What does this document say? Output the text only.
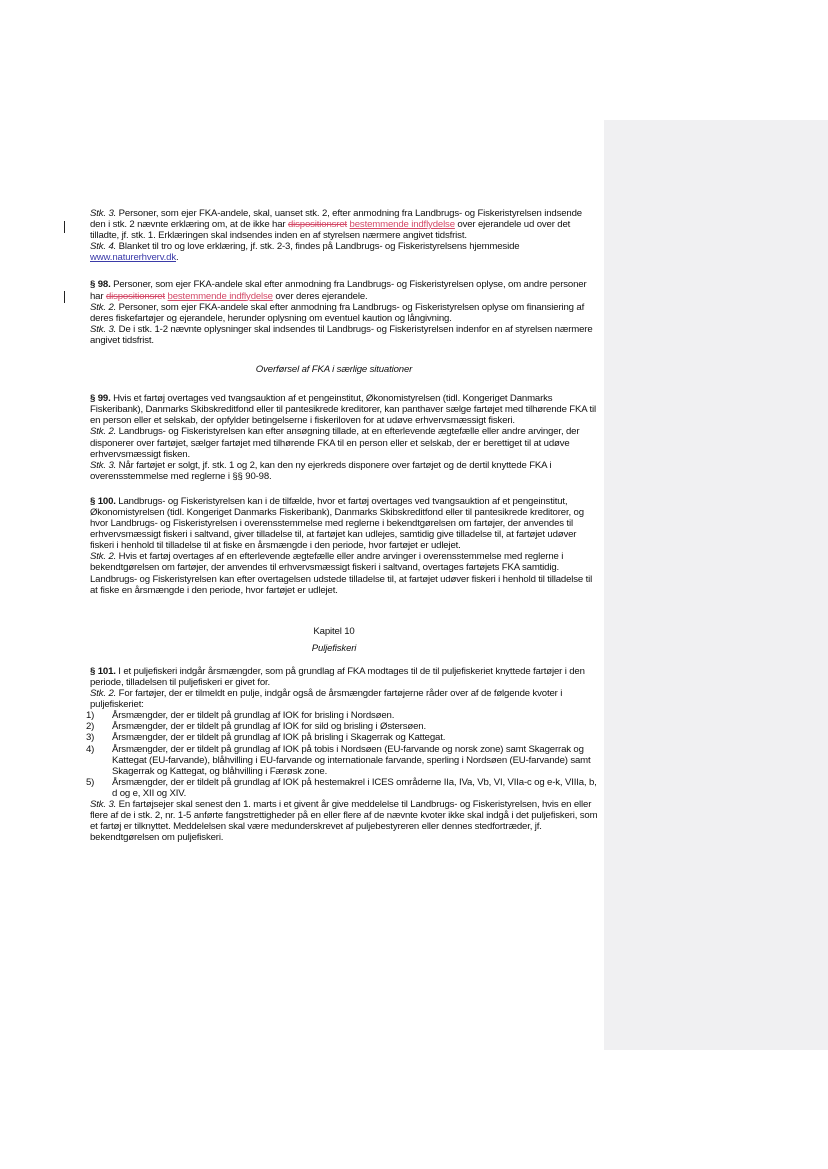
Stk. 3. Personer, som ejer FKA-andele, skal, uanset stk. 2, efter anmodning fra Landbrugs- og Fiskeristyrelsen indsende den i stk. 2 nævnte erklæring om, at de ikke har dispositionsret bestemmende indflydelse over ejerandele ud over det tilladte, jf. stk. 1. Erklæringen skal indsendes inden en af styrelsen nærmere angivet tidsfrist.

Stk. 4. Blanket til tro og love erklæring, jf. stk. 2-3, findes på Landbrugs- og Fiskeristyrelsens hjemmeside www.naturerhverv.dk.

§ 98. Personer, som ejer FKA-andele skal efter anmodning fra Landbrugs- og Fiskeristyrelsen oplyse, om andre personer har dispositionsret bestemmende indflydelse over deres ejerandele.

Stk. 2. Personer, som ejer FKA-andele skal efter anmodning fra Landbrugs- og Fiskeristyrelsen oplyse om finansiering af deres fiskefartøjer og ejerandele, herunder oplysning om eventuel kaution og långivning.

Stk. 3. De i stk. 1-2 nævnte oplysninger skal indsendes til Landbrugs- og Fiskeristyrelsen indenfor en af styrelsen nærmere angivet tidsfrist.

Overførsel af FKA i særlige situationer

§ 99. Hvis et fartøj overtages ved tvangsauktion af et pengeinstitut, Økonomistyrelsen (tidl. Kongeriget Danmarks Fiskeribank), Danmarks Skibskreditfond eller til pantesikrede kreditorer, kan panthaver sælge fartøjet med tilhørende FKA til en person eller et selskab, der opfylder betingelserne i fiskeriloven for at udøve erhvervsmæssigt fiskeri.

Stk. 2. Landbrugs- og Fiskeristyrelsen kan efter ansøgning tillade, at en efterlevende ægtefælle eller andre arvinger, der disponerer over fartøjet, sælger fartøjet med tilhørende FKA til en person eller et selskab, der er berettiget til at udøve erhvervsmæssigt fisken.

Stk. 3. Når fartøjet er solgt, jf. stk. 1 og 2, kan den ny ejerkreds disponere over fartøjet og de dertil knyttede FKA i overensstemmelse med reglerne i §§ 90-98.

§ 100. Landbrugs- og Fiskeristyrelsen kan i de tilfælde, hvor et fartøj overtages ved tvangsauktion af et pengeinstitut, Økonomistyrelsen (tidl. Kongeriget Danmarks Fiskeribank), Danmarks Skibskreditfond eller til pantesikrede kreditorer, og hvor Landbrugs- og Fiskeristyrelsen i overensstemmelse med reglerne i bekendtgørelsen om fartøjer, der anvendes til erhvervsmæssigt fiskeri i saltvand, giver tilladelse til, at fartøjet kan udlejes, samtidig give tilladelse til, at fartøjet udøver fiskeri i henhold til tilladelse til at fiske en årsmængde i den periode, hvor fartøjet er udlejet.

Stk. 2. Hvis et fartøj overtages af en efterlevende ægtefælle eller andre arvinger i overensstemmelse med reglerne i bekendtgørelsen om fartøjer, der anvendes til erhvervsmæssigt fiskeri i saltvand, overtages fartøjets FKA samtidig. Landbrugs- og Fiskeristyrelsen kan efter overtagelsen udstede tilladelse til, at fartøjet udøver fiskeri i henhold til tilladelse til at fiske en årsmængde i den periode, hvor fartøjet er udlejet.

Kapitel 10
Puljefiskeri

§ 101. I et puljefiskeri indgår årsmængder, som på grundlag af FKA modtages til de til puljefiskeriet knyttede fartøjer i den periode, tilladelsen til puljefiskeri er givet for.

Stk. 2. For fartøjer, der er tilmeldt en pulje, indgår også de årsmængder fartøjerne råder over af de følgende kvoter i puljefiskeriet:

1) Årsmængder, der er tildelt på grundlag af IOK for brisling i Nordsøen.
2) Årsmængder, der er tildelt på grundlag af IOK for sild og brisling i Østersøen.
3) Årsmængder, der er tildelt på grundlag af IOK på brisling i Skagerrak og Kattegat.
4) Årsmængder, der er tildelt på grundlag af IOK på tobis i Nordsøen (EU-farvande og norsk zone) samt Skagerrak og Kattegat (EU-farvande), blåhvilling i EU-farvande og internationale farvande, sperling i Nordsøen (EU-farvande) samt Skagerrak og Kattegat, og blåhvilling i Færøsk zone.
5) Årsmængder, der er tildelt på grundlag af IOK på hestemakrel i ICES områderne IIa, IVa, Vb, VI, VIIa-c og e-k, VIIIa, b, d og e, XII og XIV.

Stk. 3. En fartøjsejer skal senest den 1. marts i et givent år give meddelelse til Landbrugs- og Fiskeristyrelsen, hvis en eller flere af de i stk. 2, nr. 1-5 anførte fangstrettigheder på en eller flere af de nævnte kvoter ikke skal indgå i det puljefiskeri, som et fartøj er tilknyttet. Meddelelsen skal være medunderskrevet af puljebestyreren eller dennes stedfortræder, jf. bekendtgørelsen om puljefiskeri.
